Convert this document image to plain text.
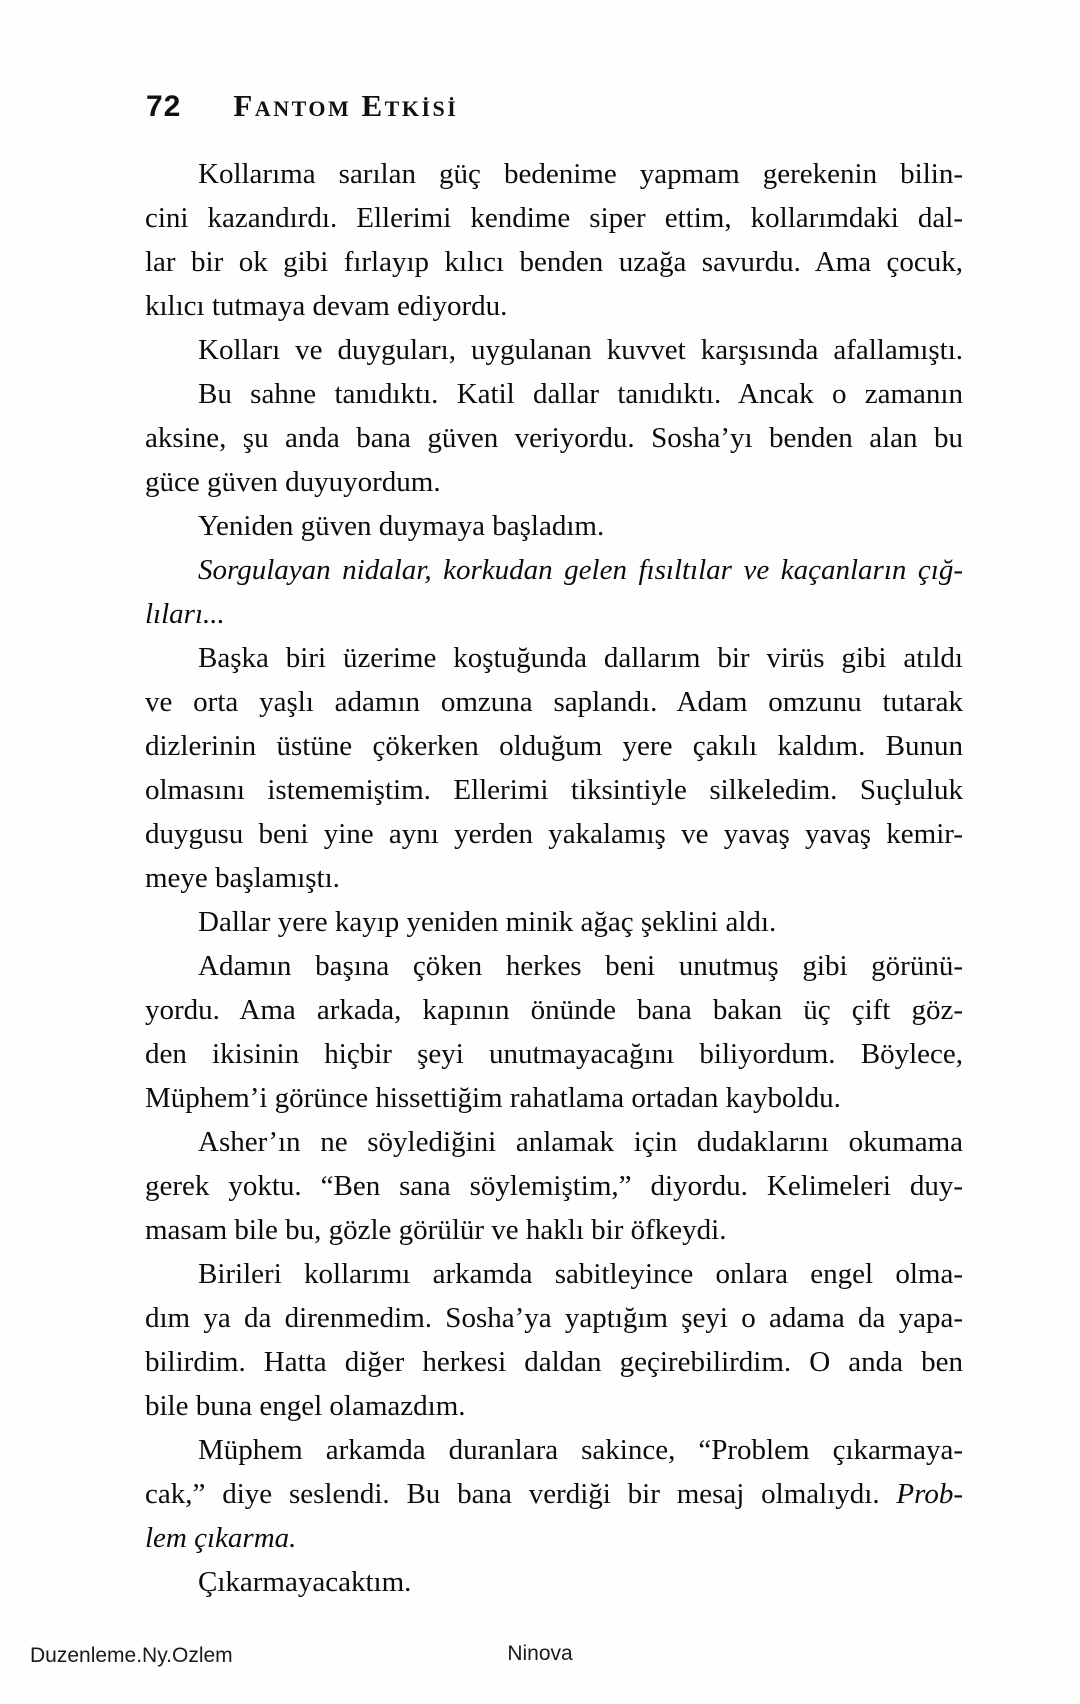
72 Fantom Etkisi
Kollarıma sarılan güç bedenime yapmam gerekenin bilin-
cini kazandırdı. Ellerimi kendime siper ettim, kollarımdaki dal-
lar bir ok gibi fırlayıp kılıcı benden uzağa savurdu. Ama çocuk,
kılıcı tutmaya devam ediyordu.
Kolları ve duyguları, uygulanan kuvvet karşısında afallamıştı.
Bu sahne tanıdıktı. Katil dallar tanıdıktı. Ancak o zamanın
aksine, şu anda bana güven veriyordu. Sosha’yı benden alan bu
güce güven duyuyordum.
Yeniden güven duymaya başladım.
Sorgulayan nidalar, korkudan gelen fısıltılar ve kaçanların çığ-
lıları...
Başka biri üzerime koştuğunda dallarım bir virüs gibi atıldı
ve orta yaşlı adamın omzuna saplandı. Adam omzunu tutarak
dizlerinin üstüne çökerken olduğum yere çakılı kaldım. Bunun
olmasını istememiştim. Ellerimi tiksintiyle silkeledim. Suçluluk
duygusu beni yine aynı yerden yakalamış ve yavaş yavaş kemir-
meye başlamıştı.
Dallar yere kayıp yeniden minik ağaç şeklini aldı.
Adamın başına çöken herkes beni unutmuş gibi görünü-
yordu. Ama arkada, kapının önünde bana bakan üç çift göz-
den ikisinin hiçbir şeyi unutmayacağını biliyordum. Böylece,
Müphem’i görünce hissettiğim rahatlama ortadan kayboldu.
Asher’ın ne söylediğini anlamak için dudaklarını okumama
gerek yoktu. “Ben sana söylemiştim,” diyordu. Kelimeleri duy-
masam bile bu, gözle görülür ve haklı bir öfkeydi.
Birileri kollarımı arkamda sabitleyince onlara engel olma-
dım ya da direnmedim. Sosha’ya yaptığım şeyi o adama da yapa-
bilirdim. Hatta diğer herkesi daldan geçirebilirdim. O anda ben
bile buna engel olamazdım.
Müphem arkamda duranlara sakince, “Problem çıkarmaya-
cak,” diye seslendi. Bu bana verdiği bir mesaj olmalıydı. Prob-
lem çıkarma.
Çıkarmayacaktım.
Duzenleme.Ny.Ozlem	Ninova
